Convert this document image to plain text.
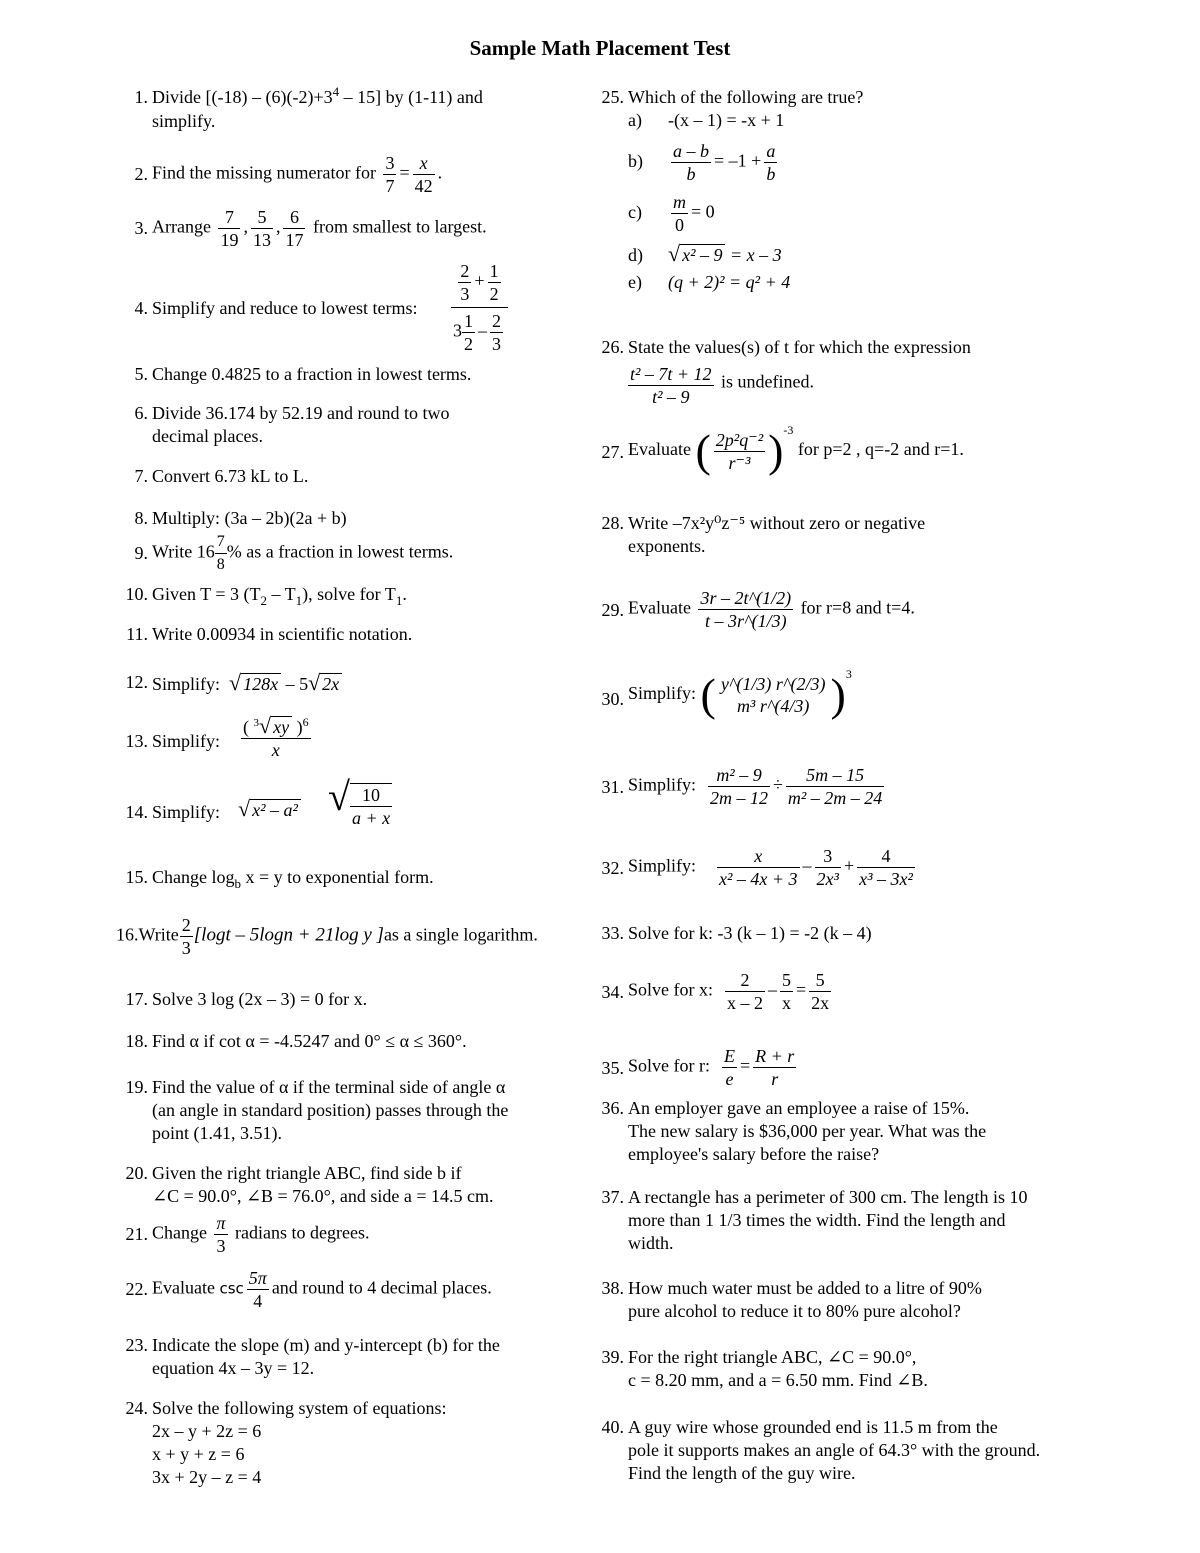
Sample Math Placement Test
1. Divide $[(-18) - (6)(-2)+3^4 - 15]$ by (1-11) and
simplify.
2. Find the missing numerator for $\frac{3}{7} = \frac{x}{42}$ .
3. Arrange $\frac{7}{19}$ , $\frac{5}{13}$ , $\frac{6}{17}$ from smallest to largest.
4. Simplify and reduce to lowest terms: $\frac{\frac{2}{3} + \frac{1}{2}}{3 \frac{1}{2} - \frac{2}{3}}$
5. Change 0.4825 to a fraction in lowest terms.
6. Divide 36.174 by 52.19 and round to two
decimal places.
7. Convert 6.73 kL to L.
8. Multiply: (3a – 2b)(2a + b)
9. Write $16 \frac{7}{8}$ % as a fraction in lowest terms.
10. Given T = 3 $(T_2 - T_1)$, solve for $T_1$.
11. Write 0.00934 in scientific notation.
12. Simplify: √ 128x – 5√ 2x
13. Simplify: $\frac{( ^3√ xy )^6}{x}$
14. Simplify: √ x² – a² √ $\frac{10}{a + x}$
15. Change $\log_b x = y$ to exponential form.
16.Write $\frac{2}{3} [\log t - 5\log n + 21\log$ y ]as a single logarithm.
17. Solve 3 log (2x – 3) = 0 for x.
18. Find α if cot α = -4.5247 and 0° ≤ α ≤ 360°.
19. Find the value of α if the terminal side of angle α
(an angle in standard position) passes through the
point (1.41, 3.51).
20. Given the right triangle ABC, find side b if
∠C = 90.0°, ∠B = 76.0°, and side a = 14.5 cm.
21. Change $\frac{\pi}{3}$ radians to degrees.
22. Evaluate $\csc \frac{5\pi}{4}$ and round to 4 decimal places.
23. Indicate the slope (m) and y-intercept (b) for the
equation 4x – 3y = 12.
24. Solve the following system of equations:
2x – y + 2z = 6
x + y + z = 6
3x + 2y – z = 4
25. Which of the following are true?
a) -(x – 1) = -x + 1
$b) \frac{a - b}{b} = -1 + \frac{a}{b}$
$c) \frac{m}{0} = 0$
d) √ x² – 9 = x – 3
e) (q + 2)² = q² + 4
26. State the values(s) of t for which the expression

$\frac{\text{t² – 7t + 12}}{\text{t² – 9}}$ is undefined.
27. Evaluate ( $\frac{\text{2p²q⁻²}}{\text{r⁻³}} )^{-3}$ for p=2 , q=-2 and r=1.
28. Write –7x²y⁰z⁻⁵ without zero or negative
exponents.
29. Evaluate $\frac{3r - 2t\^{}(1/2)}{t - 3r\^{}(1/3)}$ for r=8 and t=4.
30. Simplify: ( y^(1/3) r^(2/3)
m³ r^(4/3) )$^3$
31. Simplify: $\frac{\text{m² – 9}}{2m - 12} \div \frac{5m - 15}{\text{m² – 2m – 24}}$
32. Simplify: $\frac{x}{\text{x² – 4x + 3}} - \frac{3}{\text{2x³}} + \frac{4}{\text{x³ – 3x²}}$
33. Solve for k: -3 (k – 1) = -2 (k – 4)
34. Solve for x: $\frac{2}{x - 2} - \frac{5}{x} = \frac{5}{2x}$
35. Solve for r: $\frac{E}{e} = \frac{R + r}{r}$
36. An employer gave an employee a raise of 15%.
The new salary is $36,000 per year. What was the
employee's salary before the raise?
37. A rectangle has a perimeter of 300 cm. The length is 10
more than 1 1/3 times the width. Find the length and
width.
38. How much water must be added to a litre of 90%
pure alcohol to reduce it to 80% pure alcohol?
39. For the right triangle ABC, ∠C = 90.0°,
c = 8.20 mm, and a = 6.50 mm. Find ∠B.
40. A guy wire whose grounded end is 11.5 m from the
pole it supports makes an angle of 64.3° with the ground.
Find the length of the guy wire.
